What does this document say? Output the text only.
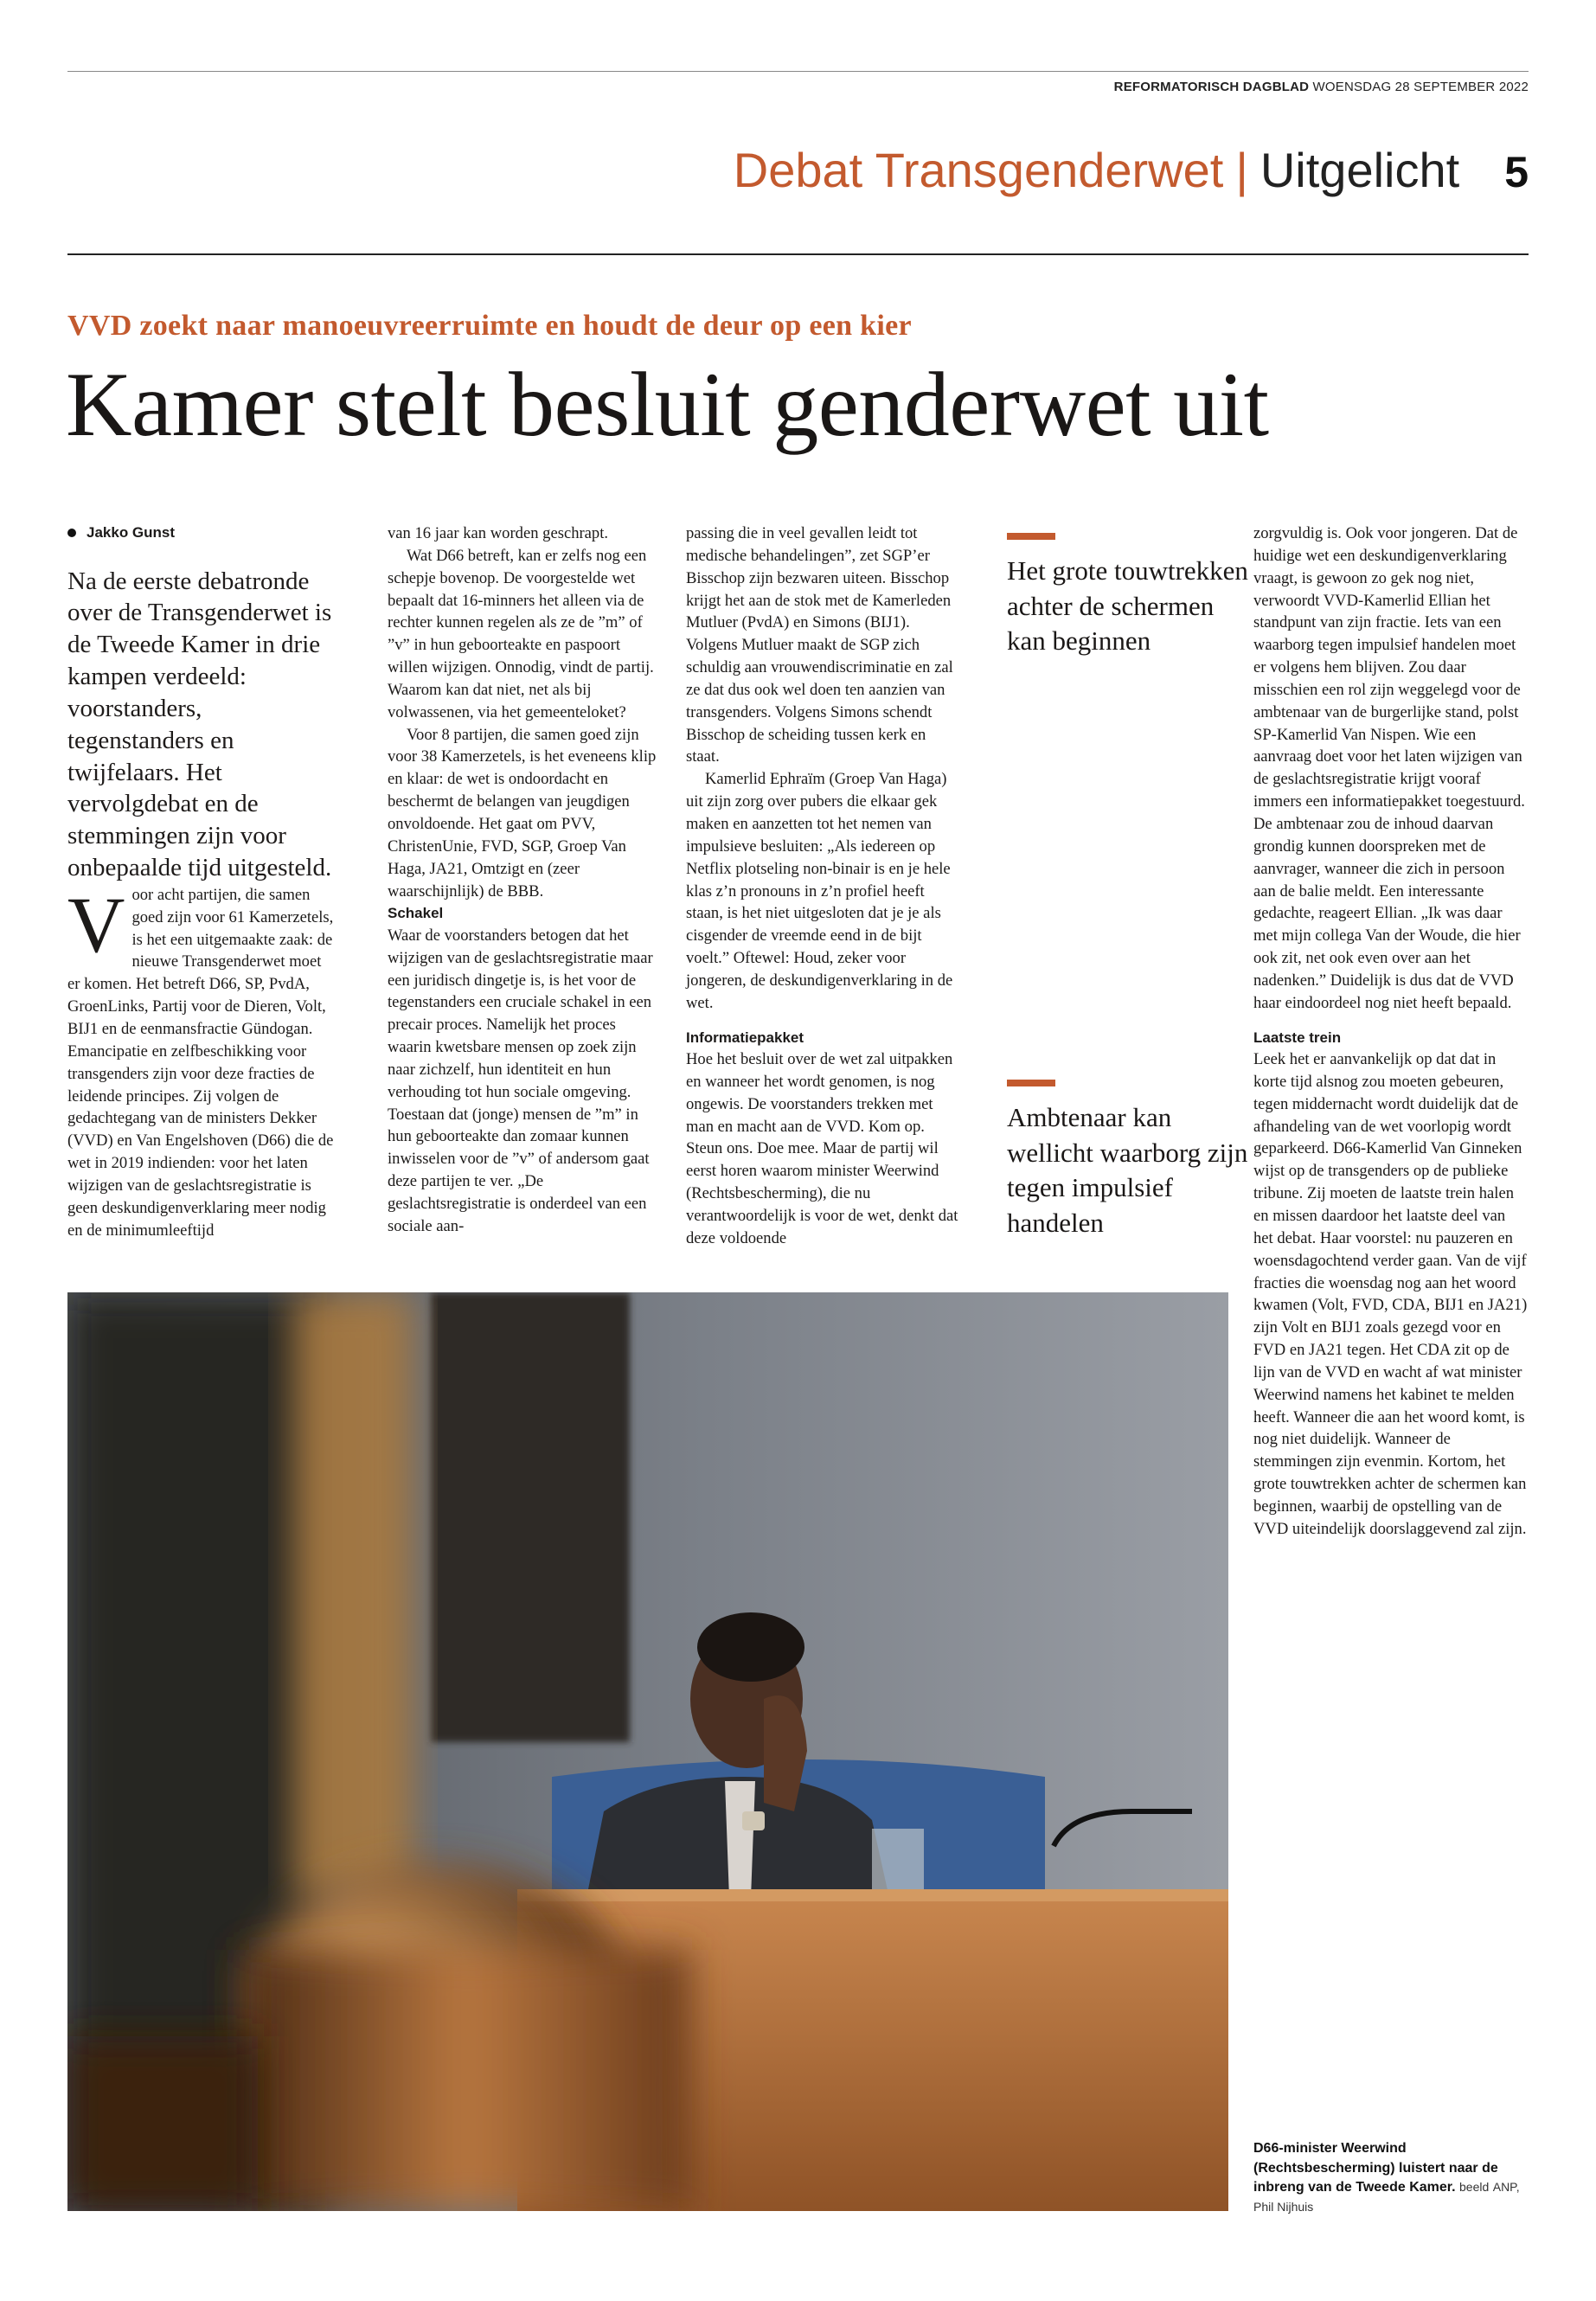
REFORMATORISCH DAGBLAD WOENSDAG 28 SEPTEMBER 2022
Debat Transgenderwet | Uitgelicht 5
VVD zoekt naar manoeuvreerruimte en houdt de deur op een kier
Kamer stelt besluit genderwet uit
Jakko Gunst

Na de eerste debatronde over de Transgenderwet is de Tweede Kamer in drie kampen verdeeld: voorstanders, tegenstanders en twijfelaars. Het vervolgdebat en de stemmingen zijn voor onbepaalde tijd uitgesteld.

Voor acht partijen, die samen goed zijn voor 61 Kamerzetels, is het een uitgemaakte zaak: de nieuwe Transgenderwet moet er komen. Het betreft D66, SP, PvdA, GroenLinks, Partij voor de Dieren, Volt, BIJ1 en de eenmansfractie Gündogan. Emancipatie en zelfbeschikking voor transgenders zijn voor deze fracties de leidende principes. Zij volgen de gedachtegang van de ministers Dekker (VVD) en Van Engelshoven (D66) die de wet in 2019 indienden: voor het laten wijzigen van de geslachtsregistratie is geen deskundigenverklaring meer nodig en de minimumleeftijd

van 16 jaar kan worden geschrapt.

Wat D66 betreft, kan er zelfs nog een schepje bovenop. De voorgestelde wet bepaalt dat 16-minners het alleen via de rechter kunnen regelen als ze de ”m” of ”v” in hun geboorteakte en paspoort willen wijzigen. Onnodig, vindt de partij. Waarom kan dat niet, net als bij volwassenen, via het gemeenteloket?

Voor 8 partijen, die samen goed zijn voor 38 Kamerzetels, is het eveneens klip en klaar: de wet is ondoordacht en beschermt de belangen van jeugdigen onvoldoende. Het gaat om PVV, ChristenUnie, FVD, SGP, Groep Van Haga, JA21, Omtzigt en (zeer waarschijnlijk) de BBB.

Schakel

Waar de voorstanders betogen dat het wijzigen van de geslachtsregistratie maar een juridisch dingetje is, is het voor de tegenstanders een cruciale schakel in een precair proces. Namelijk het proces waarin kwetsbare mensen op zoek zijn naar zichzelf, hun identiteit en hun verhouding tot hun sociale omgeving. Toestaan dat (jonge) mensen de ”m” in hun geboorteakte dan zomaar kunnen inwisselen voor de ”v” of andersom gaat deze partijen te ver. „De geslachtsregistratie is onderdeel van een sociale aan-

passing die in veel gevallen leidt tot medische behandelingen”, zet SGP’er Bisschop zijn bezwaren uiteen. Bisschop krijgt het aan de stok met de Kamerleden Mutluer (PvdA) en Simons (BIJ1). Volgens Mutluer maakt de SGP zich schuldig aan vrouwendiscriminatie en zal ze dat dus ook wel doen ten aanzien van transgenders. Volgens Simons schendt Bisschop de scheiding tussen kerk en staat.

Kamerlid Ephraïm (Groep Van Haga) uit zijn zorg over pubers die elkaar gek maken en aanzetten tot het nemen van impulsieve besluiten: „Als iedereen op Netflix plotseling non-binair is en je hele klas z’n pronouns in z’n profiel heeft staan, is het niet uitgesloten dat je je als cisgender de vreemde eend in de bijt voelt.” Oftewel: Houd, zeker voor jongeren, de deskundigenverklaring in de wet.

Informatiepakket

Hoe het besluit over de wet zal uitpakken en wanneer het wordt genomen, is nog ongewis. De voorstanders trekken met man en macht aan de VVD. Kom op. Steun ons. Doe mee. Maar de partij wil eerst horen waarom minister Weerwind (Rechtsbescherming), die nu verantwoordelijk is voor de wet, denkt dat deze voldoende

Het grote touwtrekken achter de schermen kan beginnen
Ambtenaar kan wellicht waarborg zijn tegen impulsief handelen

zorgvuldig is. Ook voor jongeren. Dat de huidige wet een deskundigenverklaring vraagt, is gewoon zo gek nog niet, verwoordt VVD-Kamerlid Ellian het standpunt van zijn fractie. Iets van een waarborg tegen impulsief handelen moet er volgens hem blijven. Zou daar misschien een rol zijn weggelegd voor de ambtenaar van de burgerlijke stand, polst SP-Kamerlid Van Nispen. Wie een aanvraag doet voor het laten wijzigen van de geslachtsregistratie krijgt vooraf immers een informatiepakket toegestuurd. De ambtenaar zou de inhoud daarvan grondig kunnen doorspreken met de aanvrager, wanneer die zich in persoon aan de balie meldt. Een interessante gedachte, reageert Ellian. „Ik was daar met mijn collega Van der Woude, die hier ook zit, net ook even over aan het nadenken.” Duidelijk is dus dat de VVD haar eindoordeel nog niet heeft bepaald.

Laatste trein

Leek het er aanvankelijk op dat dat in korte tijd alsnog zou moeten gebeuren, tegen middernacht wordt duidelijk dat de afhandeling van de wet voorlopig wordt geparkeerd. D66-Kamerlid Van Ginneken wijst op de transgenders op de publieke tribune. Zij moeten de laatste trein halen en missen daardoor het laatste deel van het debat. Haar voorstel: nu pauzeren en woensdagochtend verder gaan. Van de vijf fracties die woensdag nog aan het woord kwamen (Volt, FVD, CDA, BIJ1 en JA21) zijn Volt en BIJ1 zoals gezegd voor en FVD en JA21 tegen. Het CDA zit op de lijn van de VVD en wacht af wat minister Weerwind namens het kabinet te melden heeft. Wanneer die aan het woord komt, is nog niet duidelijk. Wanneer de stemmingen zijn evenmin. Kortom, het grote touwtrekken achter de schermen kan beginnen, waarbij de opstelling van de VVD uiteindelijk doorslaggevend zal zijn.

D66-minister Weerwind (Rechtsbescherming) luistert naar de inbreng van de Tweede Kamer. beeld ANP, Phil Nijhuis
